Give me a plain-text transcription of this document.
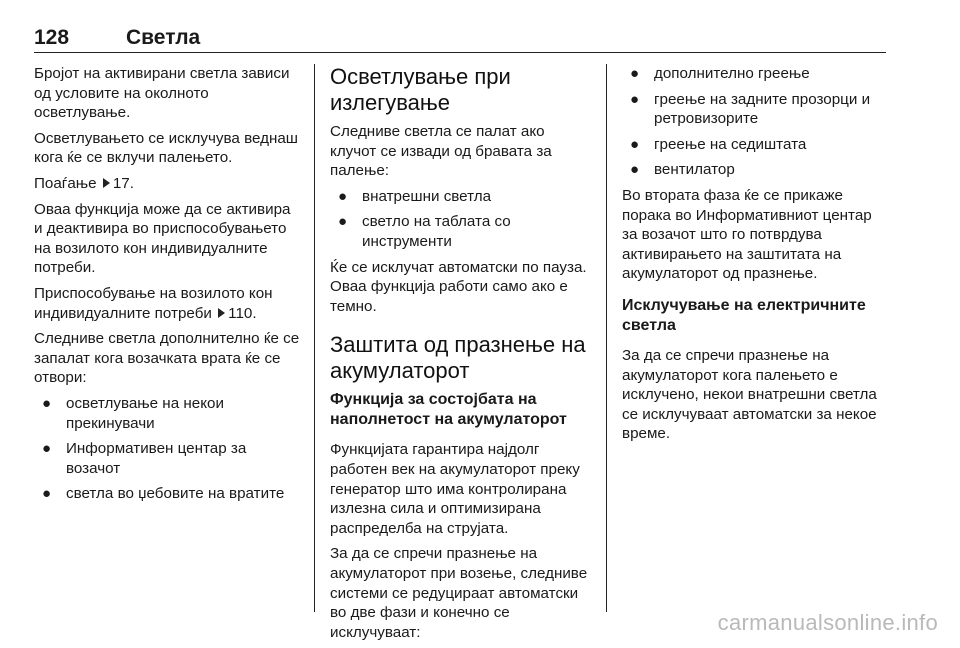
128	Светла

Бројот на активирани светла зависи од условите на околното осветлување.

Осветлувањето се исклучува веднаш кога ќе се вклучи палењето.

Поаѓање 17.

Оваа функција може да се активира и деактивира во приспособувањето на возилото кон индивидуалните потреби.

Приспособување на возилото кон индивидуалните потреби 110.

Следниве светла дополнително ќе се запалат кога возачката врата ќе се отвори:

● осветлување на некои прекинувачи
● Информативен центар за возачот
● светла во џебовите на вратите
Осветлување при излегување

Следниве светла се палат ако клучот се извади од бравата за палење:

● внатрешни светла
● светло на таблата со инструменти

Ќе се исклучат автоматски по пауза. Оваа функција работи само ако е темно.

Заштита од празнење на акумулаторот
Функција за состојбата на наполнетост на акумулаторот

Функцијата гарантира најдолг работен век на акумулаторот преку генератор што има контролирана излезна сила и оптимизирана распределба на струјата.

За да се спречи празнење на акумулаторот при возење, следниве системи се редуцираат автоматски во две фази и конечно се исклучуваат:

● дополнително греење
● греење на задните прозорци и ретровизорите
● греење на седиштата
● вентилатор

Во втората фаза ќе се прикаже порака во Информативниот центар за возачот што го потврдува активирањето на заштитата на акумулаторот од празнење.

Исклучување на електричните светла

За да се спречи празнење на акумулаторот кога палењето е исклучено, некои внатрешни светла се исклучуваат автоматски за некое време.

carmanualsonline.info
